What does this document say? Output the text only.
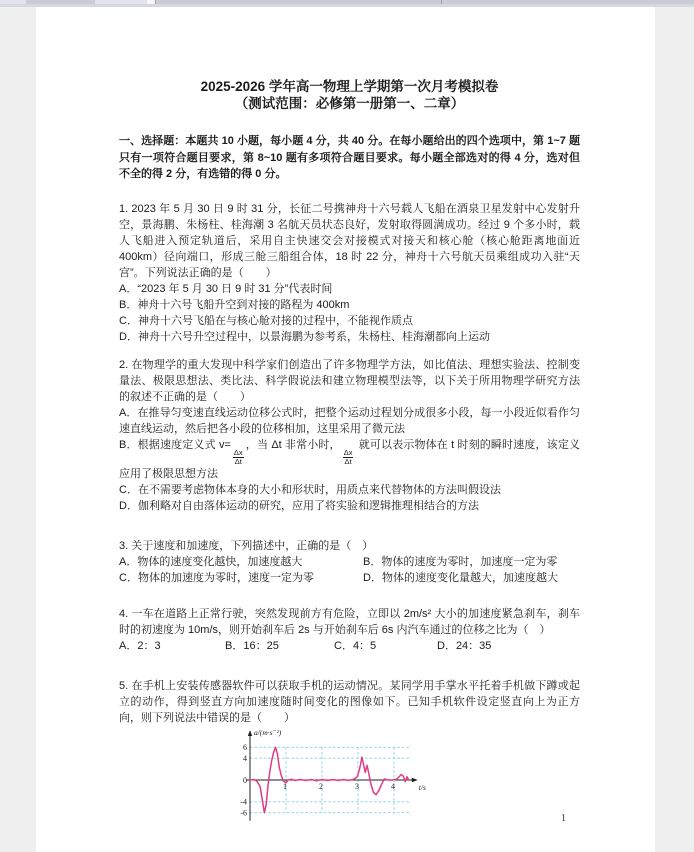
2025-2026 学年高一物理上学期第一次月考模拟卷

（测试范围：必修第一册第一、二章）

一、选择题：本题共 10 小题，每小题 4 分，共 40 分。在每小题给出的四个选项中，第 1~7 题只有一项符合题目要求，第 8~10 题有多项符合题目要求。每小题全部选对的得 4 分，选对但不全的得 2 分，有选错的得 0 分。

1. 2023 年 5 月 30 日 9 时 31 分，长征二号携神舟十六号载人飞船在酒泉卫星发射中心发射升空，景海鹏、朱杨柱、桂海潮 3 名航天员状态良好，发射取得圆满成功。经过 9 个多小时，载人飞船进入预定轨道后，采用自主快速交会对接模式对接天和核心舱（核心舱距离地面近 400km）径向端口，形成三舱三船组合体，18 时 22 分，神舟十六号航天员乘组成功入驻“天宫”。下列说法正确的是（　　）

A．“2023 年 5 月 30 日 9 时 31 分”代表时间

B．神舟十六号飞船升空到对接的路程为 400km

C．神舟十六号飞船在与核心舱对接的过程中，不能视作质点

D．神舟十六号升空过程中，以景海鹏为参考系，朱杨柱、桂海潮都向上运动

2. 在物理学的重大发现中科学家们创造出了许多物理学方法，如比值法、理想实验法、控制变量法、极限思想法、类比法、科学假说法和建立物理模型法等，以下关于所用物理学研究方法的叙述不正确的是（　　）

A．在推导匀变速直线运动位移公式时，把整个运动过程划分成很多小段，每一小段近似看作匀速直线运动，然后把各小段的位移相加，这里采用了微元法

B．根据速度定义式 v=
$\frac{\Delta x}{\Delta t}$
，当 Δt 非常小时，
$\frac{\Delta x}{\Delta t}$
就可以表示物体在 t 时刻的瞬时速度，该定义应用了极限思想方法

C．在不需要考虑物体本身的大小和形状时，用质点来代替物体的方法叫假设法

D．伽利略对自由落体运动的研究，应用了将实验和逻辑推理相结合的方法

3. 关于速度和加速度，下列描述中，正确的是（　）

A．物体的速度变化越快，加速度越大	B．物体的速度为零时，加速度一定为零

C．物体的加速度为零时，速度一定为零	D．物体的速度变化量越大，加速度越大

4. 一车在道路上正常行驶，突然发现前方有危险，立即以 2m/s² 大小的加速度紧急刹车，刹车时的初速度为 10m/s，则开始刹车后 2s 与开始刹车后 6s 内汽车通过的位移之比为（　）

A．2：3	B．16：25	C．4：5	D．24：35

5. 在手机上安装传感器软件可以获取手机的运动情况。某同学用手掌水平托着手机做下蹲或起立的动作，得到竖直方向加速度随时间变化的图像如下。已知手机软件设定竖直向上为正方向，则下列说法中错误的是（　　）

6
4
0
-4
-6
1	2	3	4
a/(m·s⁻²)
t/s
1
